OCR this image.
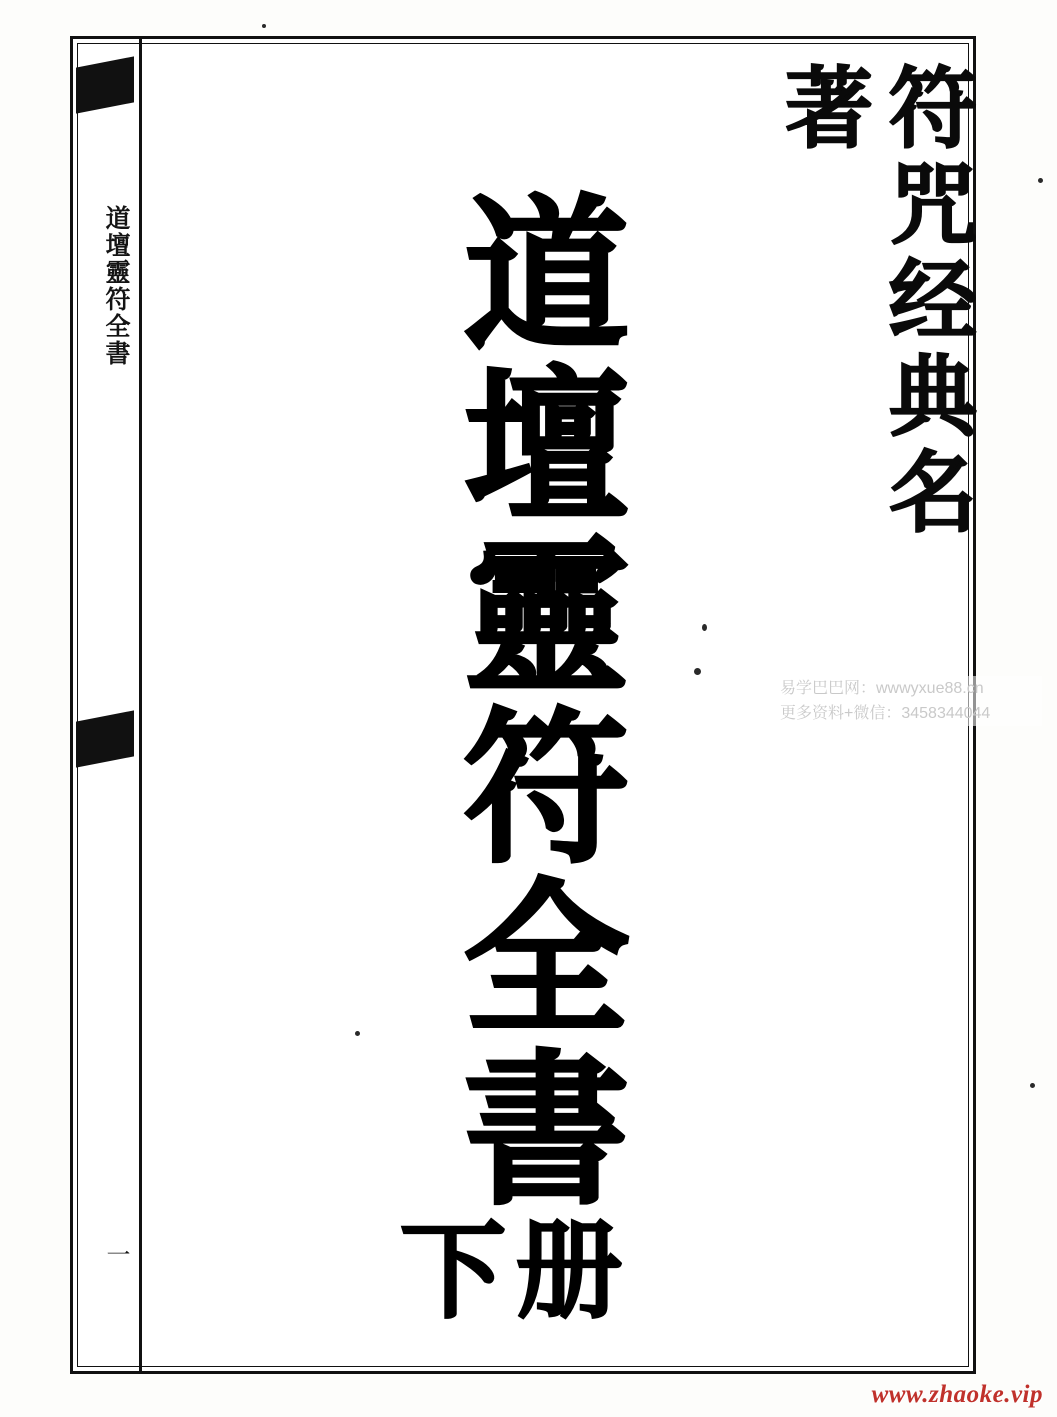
道壇靈符全書
一
符咒经典名著
道壇靈符全書
下册
易学巴巴网：wwwyxue88.cn
更多资料+微信：3458344044
www.zhaoke.vip
